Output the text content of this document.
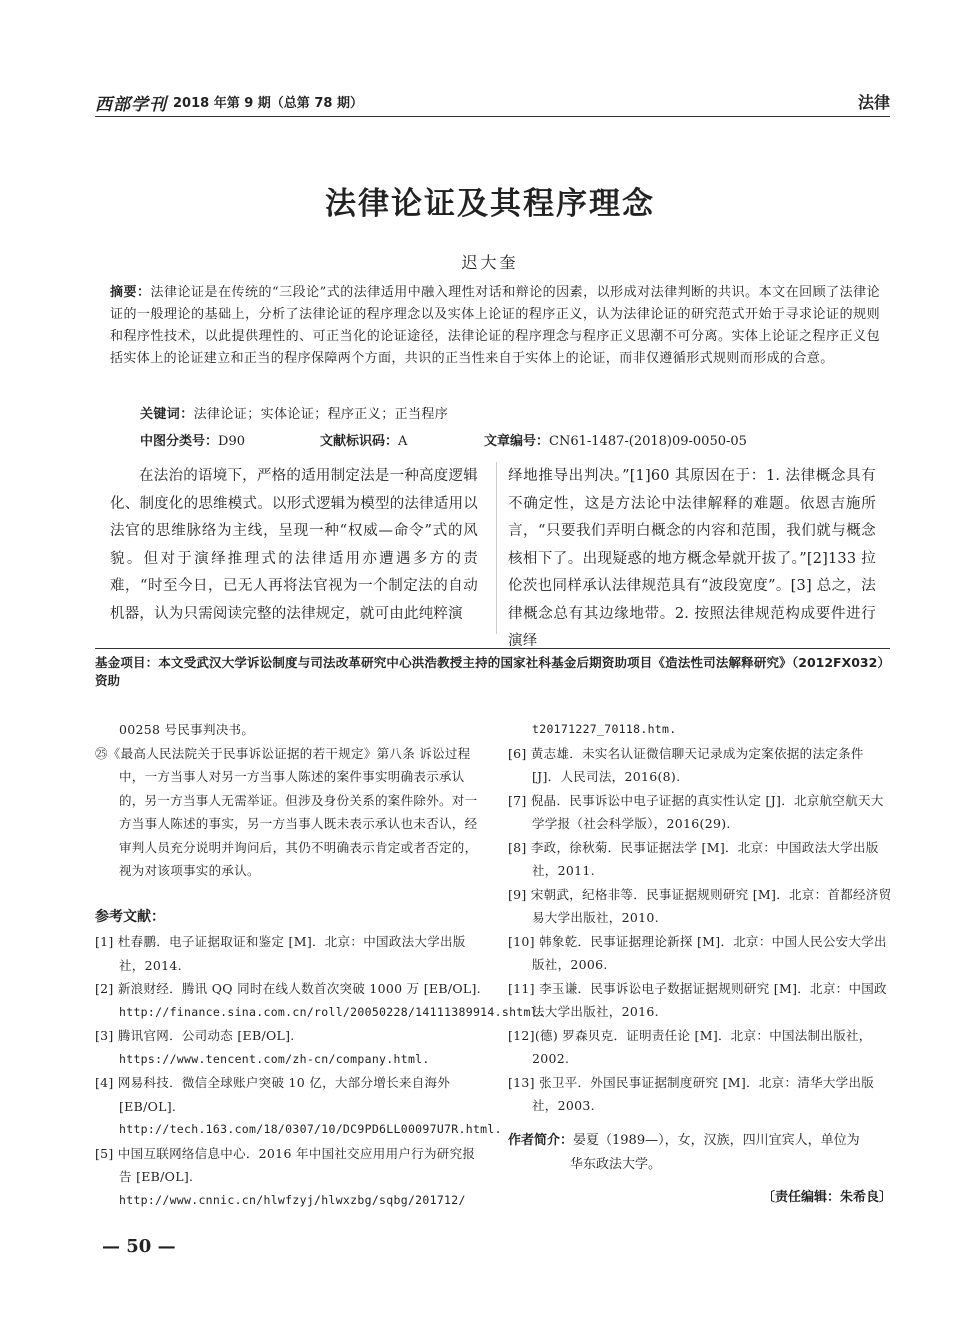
西部学刊 2018 年第 9 期（总第 78 期）	法律
法律论证及其程序理念
迟大奎
摘要：法律论证是在传统的“三段论”式的法律适用中融入理性对话和辩论的因素，以形成对法律判断的共识。本文在回顾了法律论证的一般理论的基础上，分析了法律论证的程序理念以及实体上论证的程序正义，认为法律论证的研究范式开始于寻求论证的规则和程序性技术，以此提供理性的、可正当化的论证途径，法律论证的程序理念与程序正义思潮不可分离。实体上论证之程序正义包括实体上的论证建立和正当的程序保障两个方面，共识的正当性来自于实体上的论证，而非仅遵循形式规则而形成的合意。
关键词：法律论证；实体论证；程序正义；正当程序
中图分类号：D90	文献标识码：A	文章编号：CN61-1487-(2018)09-0050-05
在法治的语境下，严格的适用制定法是一种高度逻辑化、制度化的思维模式。以形式逻辑为模型的法律适用以法官的思维脉络为主线，呈现一种“权威—命令”式的风貌。但对于演绎推理式的法律适用亦遭遇多方的责难，“时至今日，已无人再将法官视为一个制定法的自动机器，认为只需阅读完整的法律规定，就可由此纯粹演
绎地推导出判决。”[1]60 其原因在于：1. 法律概念具有不确定性，这是方法论中法律解释的难题。依恩吉施所言，“只要我们弄明白概念的内容和范围，我们就与概念核相下了。出现疑惑的地方概念晕就开拔了。”[2]133 拉伦茨也同样承认法律规范具有“波段宽度”。[3] 总之，法律概念总有其边缘地带。2. 按照法律规范构成要件进行演绎
基金项目：本文受武汉大学诉讼制度与司法改革研究中心洪浩教授主持的国家社科基金后期资助项目《造法性司法解释研究》（2012FX032）资助
00258 号民事判决书。
㉕《最高人民法院关于民事诉讼证据的若干规定》第八条 诉讼过程中，一方当事人对另一方当事人陈述的案件事实明确表示承认的，另一方当事人无需举证。但涉及身份关系的案件除外。对一方当事人陈述的事实，另一方当事人既未表示承认也未否认，经审判人员充分说明并询问后，其仍不明确表示肯定或者否定的，视为对该项事实的承认。
参考文献：
[1] 杜春鹏．电子证据取证和鉴定 [M]．北京：中国政法大学出版社，2014.
[2] 新浪财经．腾讯 QQ 同时在线人数首次突破 1000 万 [EB/OL].
http://finance.sina.com.cn/roll/20050228/14111389914.shtml.
[3] 腾讯官网．公司动态 [EB/OL].
https://www.tencent.com/zh-cn/company.html.
[4] 网易科技．微信全球账户突破 10 亿，大部分增长来自海外 [EB/OL].
http://tech.163.com/18/0307/10/DC9PD6LL00097U7R.html.
[5] 中国互联网络信息中心．2016 年中国社交应用用户行为研究报告 [EB/OL].
http://www.cnnic.cn/hlwfzyj/hlwxzbg/sqbg/201712/
t20171227_70118.htm.
[6] 黄志雄．未实名认证微信聊天记录成为定案依据的法定条件 [J]．人民司法，2016(8).
[7] 倪晶．民事诉讼中电子证据的真实性认定 [J]．北京航空航天大学学报（社会科学版），2016(29).
[8] 李政，徐秋菊．民事证据法学 [M]．北京：中国政法大学出版社，2011.
[9] 宋朝武，纪格非等．民事证据规则研究 [M]．北京：首都经济贸易大学出版社，2010.
[10] 韩象乾．民事证据理论新探 [M]．北京：中国人民公安大学出版社，2006.
[11] 李玉谦．民事诉讼电子数据证据规则研究 [M]．北京：中国政法大学出版社，2016.
[12](德) 罗森贝克．证明责任论 [M]．北京：中国法制出版社，2002.
[13] 张卫平．外国民事证据制度研究 [M]．北京：清华大学出版社，2003.
作者简介：晏夏（1989—），女，汉族，四川宜宾人，单位为
华东政法大学。
〔责任编辑：朱希良〕
— 50 —
